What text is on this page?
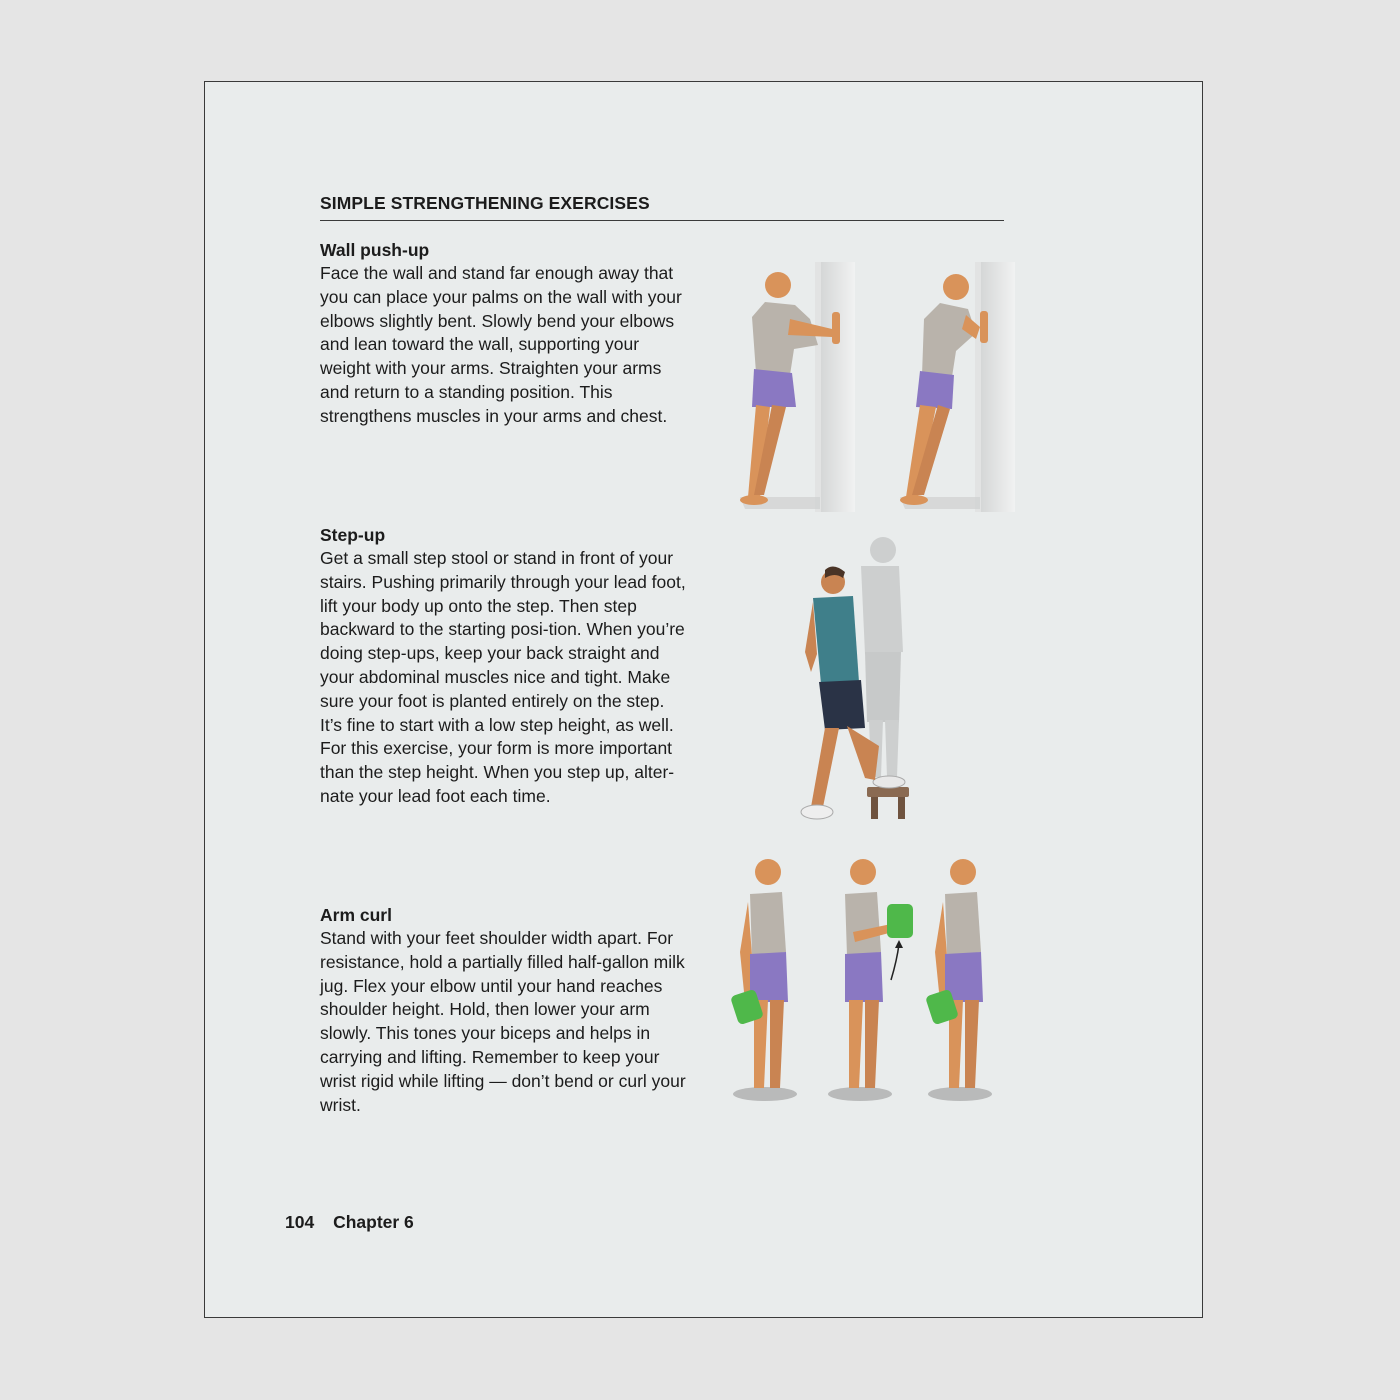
SIMPLE STRENGTHENING EXERCISES
Wall push-up

Face the wall and stand far enough away that you can place your palms on the wall with your elbows slightly bent. Slowly bend your elbows and lean toward the wall, supporting your weight with your arms. Straighten your arms and return to a standing position. This strengthens muscles in your arms and chest.

Step-up

Get a small step stool or stand in front of your stairs. Pushing primarily through your lead foot, lift your body up onto the step. Then step backward to the starting posi-tion. When you’re doing step-ups, keep your back straight and your abdominal muscles nice and tight. Make sure your foot is planted entirely on the step. It’s fine to start with a low step height, as well. For this exercise, your form is more important than the step height. When you step up, alter-nate your lead foot each time.

Arm curl

Stand with your feet shoulder width apart. For resistance, hold a partially filled half-gallon milk jug. Flex your elbow until your hand reaches shoulder height. Hold, then lower your arm slowly. This tones your biceps and helps in carrying and lifting. Remember to keep your wrist rigid while lifting — don’t bend or curl your wrist.

104 Chapter 6
